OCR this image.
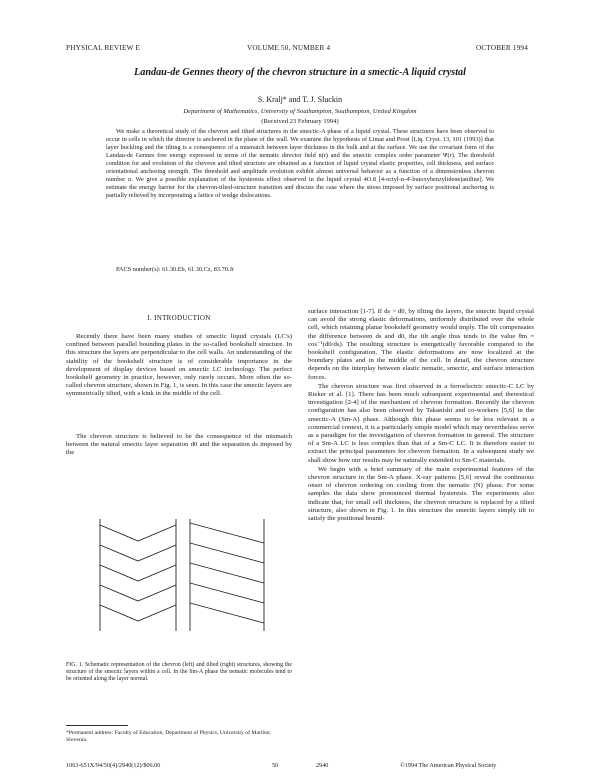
PHYSICAL REVIEW E	VOLUME 50, NUMBER 4	OCTOBER 1994
Landau-de Gennes theory of the chevron structure in a smectic-A liquid crystal
S. Kralj* and T. J. Sluckin
Department of Mathematics, University of Southampton, Southampton, United Kingdom
(Received 23 February 1994)

We make a theoretical study of the chevron and tilted structures in the smectic-A phase of a liquid crystal. These structures have been observed to occur in cells in which the director is anchored in the plane of the wall. We examine the hypothesis of Limat and Prost [Liq. Cryst. 13, 101 (1993)] that layer buckling and the tilting is a consequence of a mismatch between layer thickness in the bulk and at the surface. We use the covariant form of the Landau-de Gennes free energy expressed in terms of the nematic director field n(r) and the smectic complex order parameter Ψ(r). The threshold condition for and evolution of the chevron and tilted structure are obtained as a function of liquid crystal elastic properties, cell thickness, and surface orientational anchoring strength. The threshold and amplitude evolution exhibit almost universal behavior as a function of a dimensionless chevron number σ. We give a possible explanation of the hysteresis effect observed in the liquid crystal 4O.8 [4-octyl-n-4'-butoxybenzylidene)aniline]. We estimate the energy barrier for the chevron-tilted-structure transition and discuss the case where the stress imposed by surface positional anchoring is partially relieved by incorporating a lattice of wedge dislocations.

PACS number(s): 61.30.Eb, 61.30.Cz, 83.70.Jr
I. INTRODUCTION

Recently there have been many studies of smectic liquid crystals (LC's) confined between parallel bounding plates in the so-called bookshelf structure. In this structure the layers are perpendicular to the cell walls. An understanding of the stability of the bookshelf structure is of considerable importance in the development of display devices based on smectic LC technology. The perfect bookshelf geometry in practice, however, only rarely occurs. More often the so-called chevron structure, shown in Fig. 1, is seen. In this case the smectic layers are symmetrically tilted, with a kink in the middle of the cell.

The chevron structure is believed to be the consequence of the mismatch between the natural smectic layer separation d0 and the separation ds imposed by the

FIG. 1. Schematic representation of the chevron (left) and tilted (right) structures, showing the structure of the smectic layers within a cell. In the Sm-A phase the nematic molecules tend to be oriented along the layer normal.
*Permanent address: Faculty of Education, Department of Physics, University of Maribor, Slovenia.

surface interaction [1-7]. If ds > d0, by tilting the layers, the smectic liquid crystal can avoid the strong elastic deformations, uniformly distributed over the whole cell, which retaining planar bookshelf geometry would imply. The tilt compensates the difference between ds and d0, the tilt angle thus tends to the value θm = cos⁻¹(d0/ds). The resulting structure is energetically favorable compared to the bookshelf configuration. The elastic deformations are now localized at the boundary plates and in the middle of the cell. In detail, the chevron structure depends on the interplay between elastic nematic, smectic, and surface interaction forces.

The chevron structure was first observed in a ferroelectric smectic-C LC by Rieker et al. [1]. There has been much subsequent experimental and theoretical investigation [2-4] of the mechanism of chevron formation. Recently the chevron configuration has also been observed by Takanishi and co-workers [5,6] in the smectic-A (Sm-A) phase. Although this phase seems to be less relevant in a commercial context, it is a particularly simple model which may nevertheless serve as a paradigm for the investigation of chevron formation in general. The structure of a Sm-A LC is less complex than that of a Sm-C LC. It is therefore easier to extract the principal parameters for chevron formation. In a subsequent study we shall show how our results may be naturally extended to Sm-C materials.

We begin with a brief summary of the main experimental features of the chevron structure in the Sm-A phase. X-ray patterns [5,6] reveal the continuous onset of chevron ordering on cooling from the nematic (N) phase. For some samples the data show pronounced thermal hysteresis. The experiments also indicate that, for small cell thickness, the chevron structure is replaced by a tilted structure, also shown in Fig. 1. In this structure the smectic layers simply tilt to satisfy the positional bound-

1063-651X/94/50(4)/2940(12)/$06.00	50	2940	©1994 The American Physical Society
